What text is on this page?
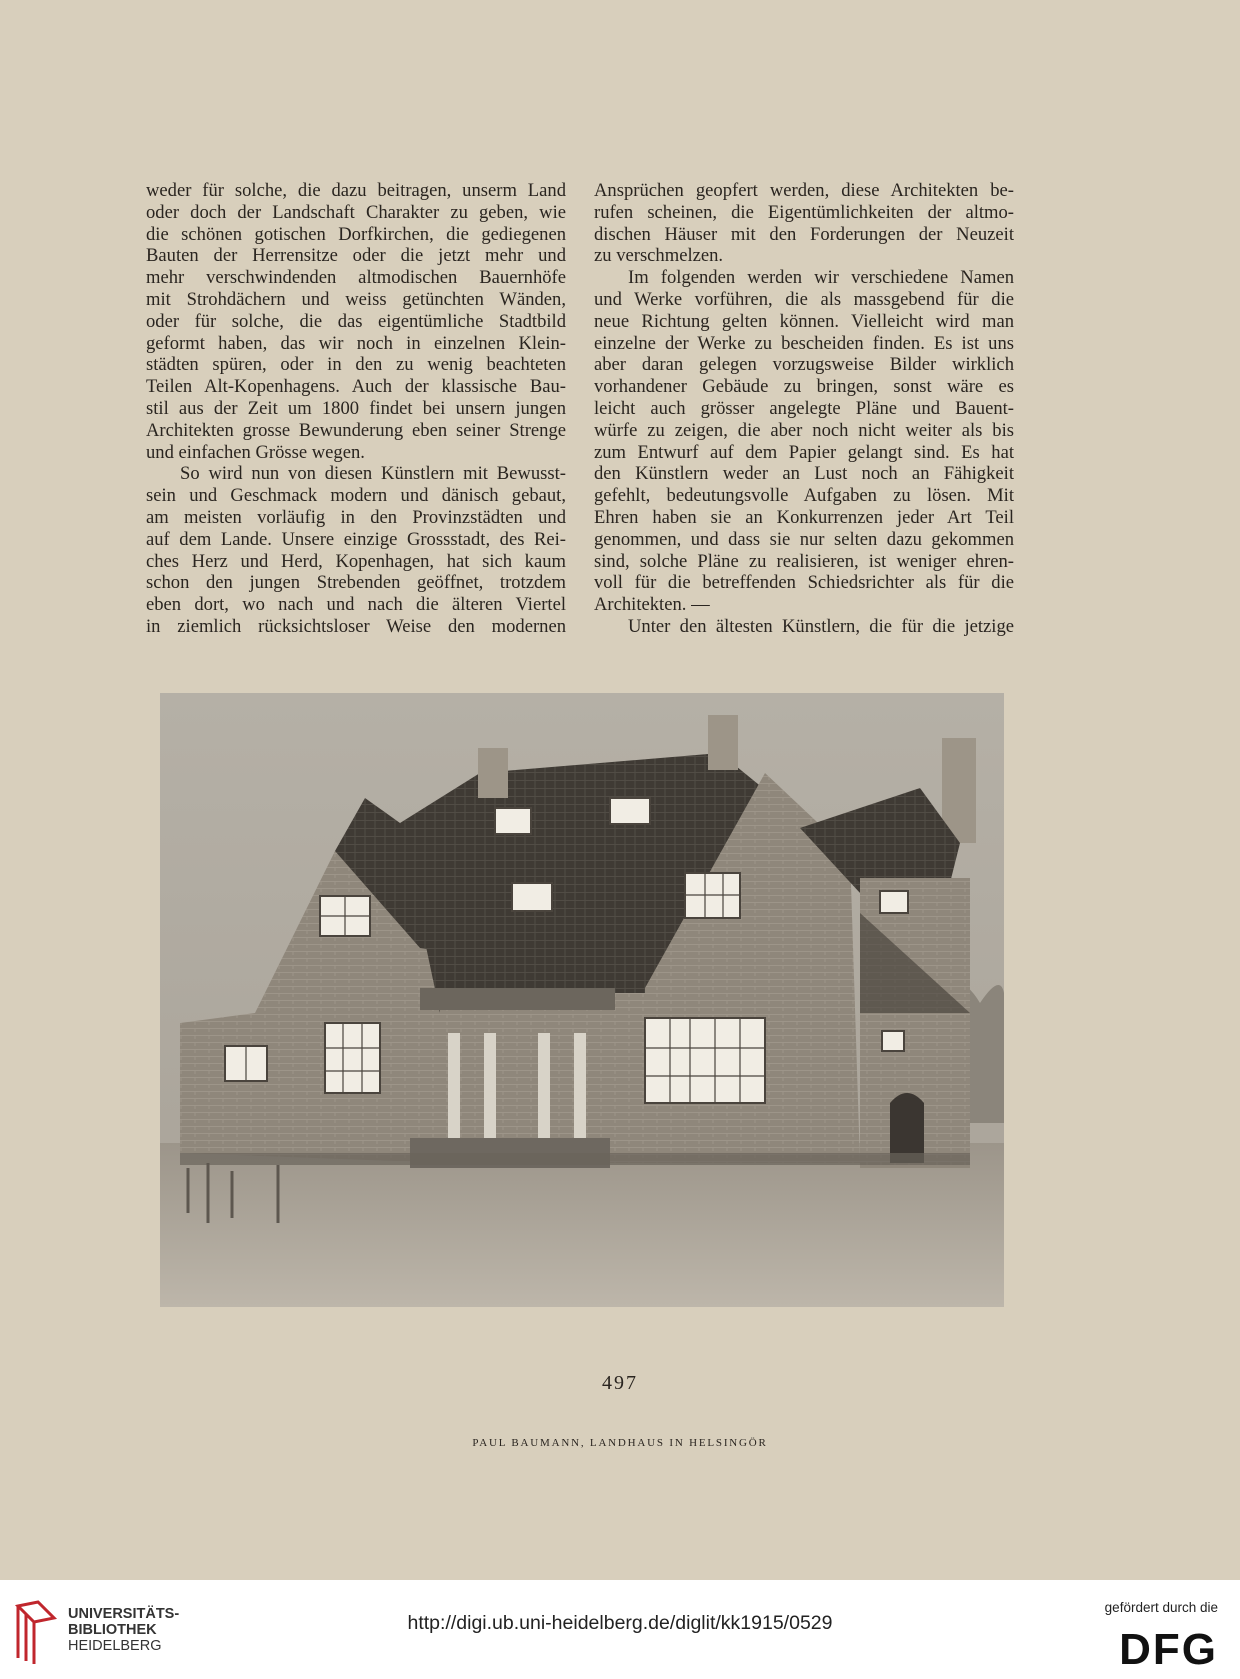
weder für solche, die dazu beitragen, unserm Land
oder doch der Landschaft Charakter zu geben, wie
die schönen gotischen Dorfkirchen, die gediegenen
Bauten der Herrensitze oder die jetzt mehr und
mehr verschwindenden altmodischen Bauernhöfe
mit Strohdächern und weiss getünchten Wänden,
oder für solche, die das eigentümliche Stadtbild
geformt haben, das wir noch in einzelnen Klein-
städten spüren, oder in den zu wenig beachteten
Teilen Alt-Kopenhagens. Auch der klassische Bau-
stil aus der Zeit um 1800 findet bei unsern jungen
Architekten grosse Bewunderung eben seiner Strenge
und einfachen Grösse wegen.
So wird nun von diesen Künstlern mit Bewusst-
sein und Geschmack modern und dänisch gebaut,
am meisten vorläufig in den Provinzstädten und
auf dem Lande. Unsere einzige Grossstadt, des Rei-
ches Herz und Herd, Kopenhagen, hat sich kaum
schon den jungen Strebenden geöffnet, trotzdem
eben dort, wo nach und nach die älteren Viertel
in ziemlich rücksichtsloser Weise den modernen
Ansprüchen geopfert werden, diese Architekten be-
rufen scheinen, die Eigentümlichkeiten der altmo-
dischen Häuser mit den Forderungen der Neuzeit
zu verschmelzen.
Im folgenden werden wir verschiedene Namen
und Werke vorführen, die als massgebend für die
neue Richtung gelten können. Vielleicht wird man
einzelne der Werke zu bescheiden finden. Es ist uns
aber daran gelegen vorzugsweise Bilder wirklich
vorhandener Gebäude zu bringen, sonst wäre es
leicht auch grösser angelegte Pläne und Bauent-
würfe zu zeigen, die aber noch nicht weiter als bis
zum Entwurf auf dem Papier gelangt sind. Es hat
den Künstlern weder an Lust noch an Fähigkeit
gefehlt, bedeutungsvolle Aufgaben zu lösen. Mit
Ehren haben sie an Konkurrenzen jeder Art Teil
genommen, und dass sie nur selten dazu gekommen
sind, solche Pläne zu realisieren, ist weniger ehren-
voll für die betreffenden Schiedsrichter als für die
Architekten. —
Unter den ältesten Künstlern, die für die jetzige
PAUL BAUMANN, LANDHAUS IN HELSINGÖR
497
UNIVERSITÄTS-
BIBLIOTHEK
HEIDELBERG
http://digi.ub.uni-heidelberg.de/diglit/kk1915/0529
gefördert durch die
DFG
